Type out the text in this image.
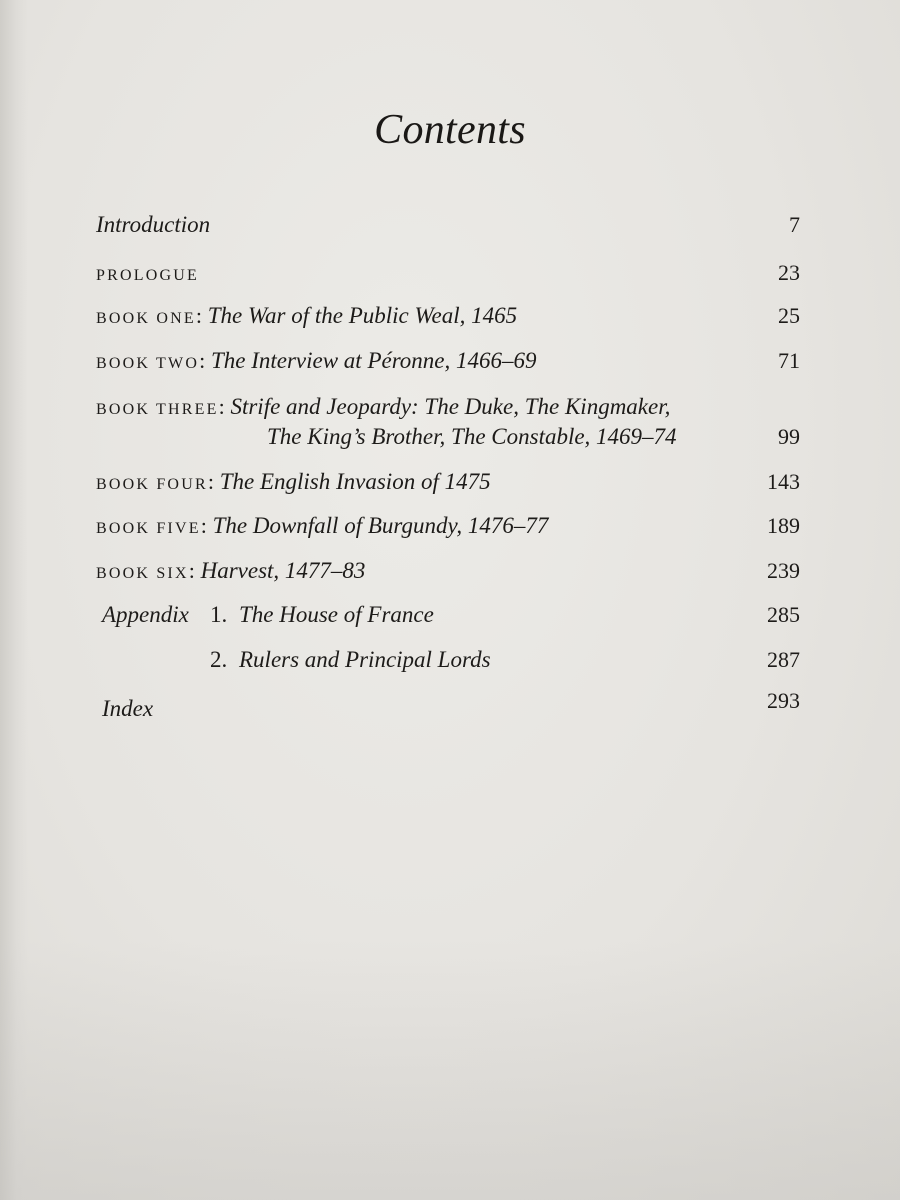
Contents
Introduction	7
PROLOGUE	23
BOOK ONE: The War of the Public Weal, 1465	25
BOOK TWO: The Interview at Péronne, 1466–69	71
BOOK THREE: Strife and Jeopardy: The Duke, The Kingmaker,
The King’s Brother, The Constable, 1469–74	99
BOOK FOUR: The English Invasion of 1475	143
BOOK FIVE: The Downfall of Burgundy, 1476–77	189
BOOK SIX: Harvest, 1477–83	239
Appendix 1. The House of France	285
2. Rulers and Principal Lords	287
Index	293
